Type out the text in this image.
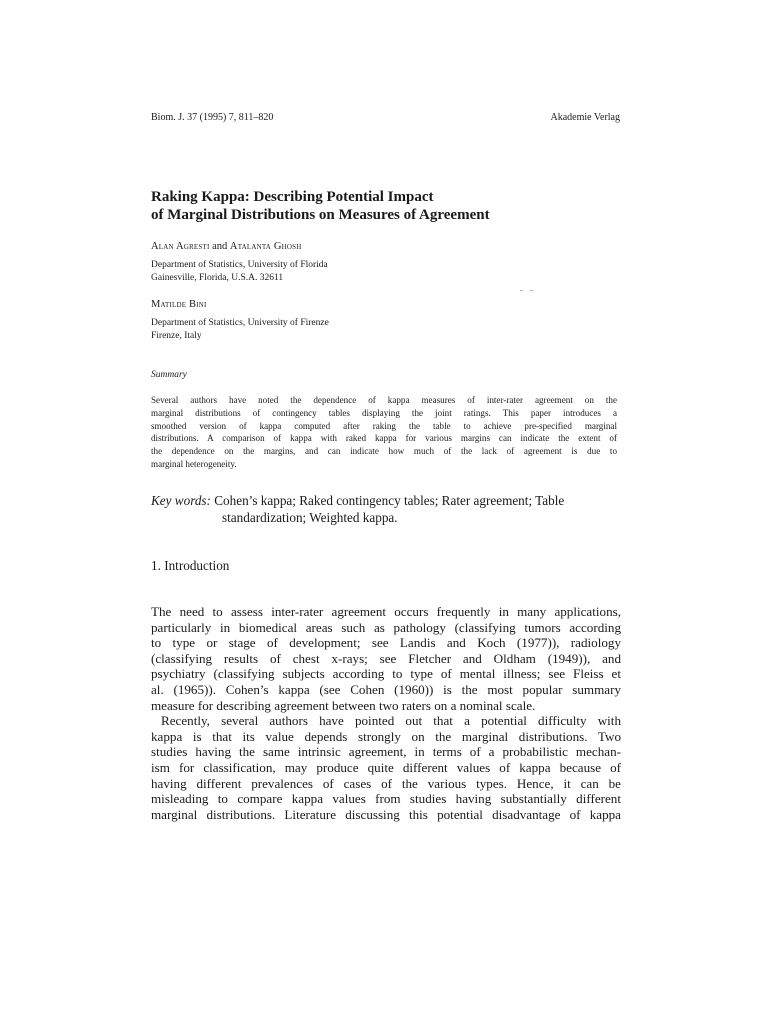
Biom. J. 37 (1995) 7, 811–820	Akademie Verlag
Raking Kappa: Describing Potential Impact
of Marginal Distributions on Measures of Agreement
Alan Agresti and Atalanta Ghosh
Department of Statistics, University of Florida
Gainesville, Florida, U.S.A. 32611
Matilde Bini
Department of Statistics, University of Firenze
Firenze, Italy
Summary
Several authors have noted the dependence of kappa measures of inter-rater agreement on the
marginal distributions of contingency tables displaying the joint ratings. This paper introduces a
smoothed version of kappa computed after raking the table to achieve pre-specified marginal
distributions. A comparison of kappa with raked kappa for various margins can indicate the extent of
the dependence on the margins, and can indicate how much of the lack of agreement is due to
marginal heterogeneity.
Key words: Cohen’s kappa; Raked contingency tables; Rater agreement; Table
standardization; Weighted kappa.
1. Introduction
The need to assess inter-rater agreement occurs frequently in many applications,
particularly in biomedical areas such as pathology (classifying tumors according
to type or stage of development; see Landis and Koch (1977)), radiology
(classifying results of chest x-rays; see Fletcher and Oldham (1949)), and
psychiatry (classifying subjects according to type of mental illness; see Fleiss et
al. (1965)). Cohen’s kappa (see Cohen (1960)) is the most popular summary
measure for describing agreement between two raters on a nominal scale.
Recently, several authors have pointed out that a potential difficulty with
kappa is that its value depends strongly on the marginal distributions. Two
studies having the same intrinsic agreement, in terms of a probabilistic mechan-
ism for classification, may produce quite different values of kappa because of
having different prevalences of cases of the various types. Hence, it can be
misleading to compare kappa values from studies having substantially different
marginal distributions. Literature discussing this potential disadvantage of kappa
